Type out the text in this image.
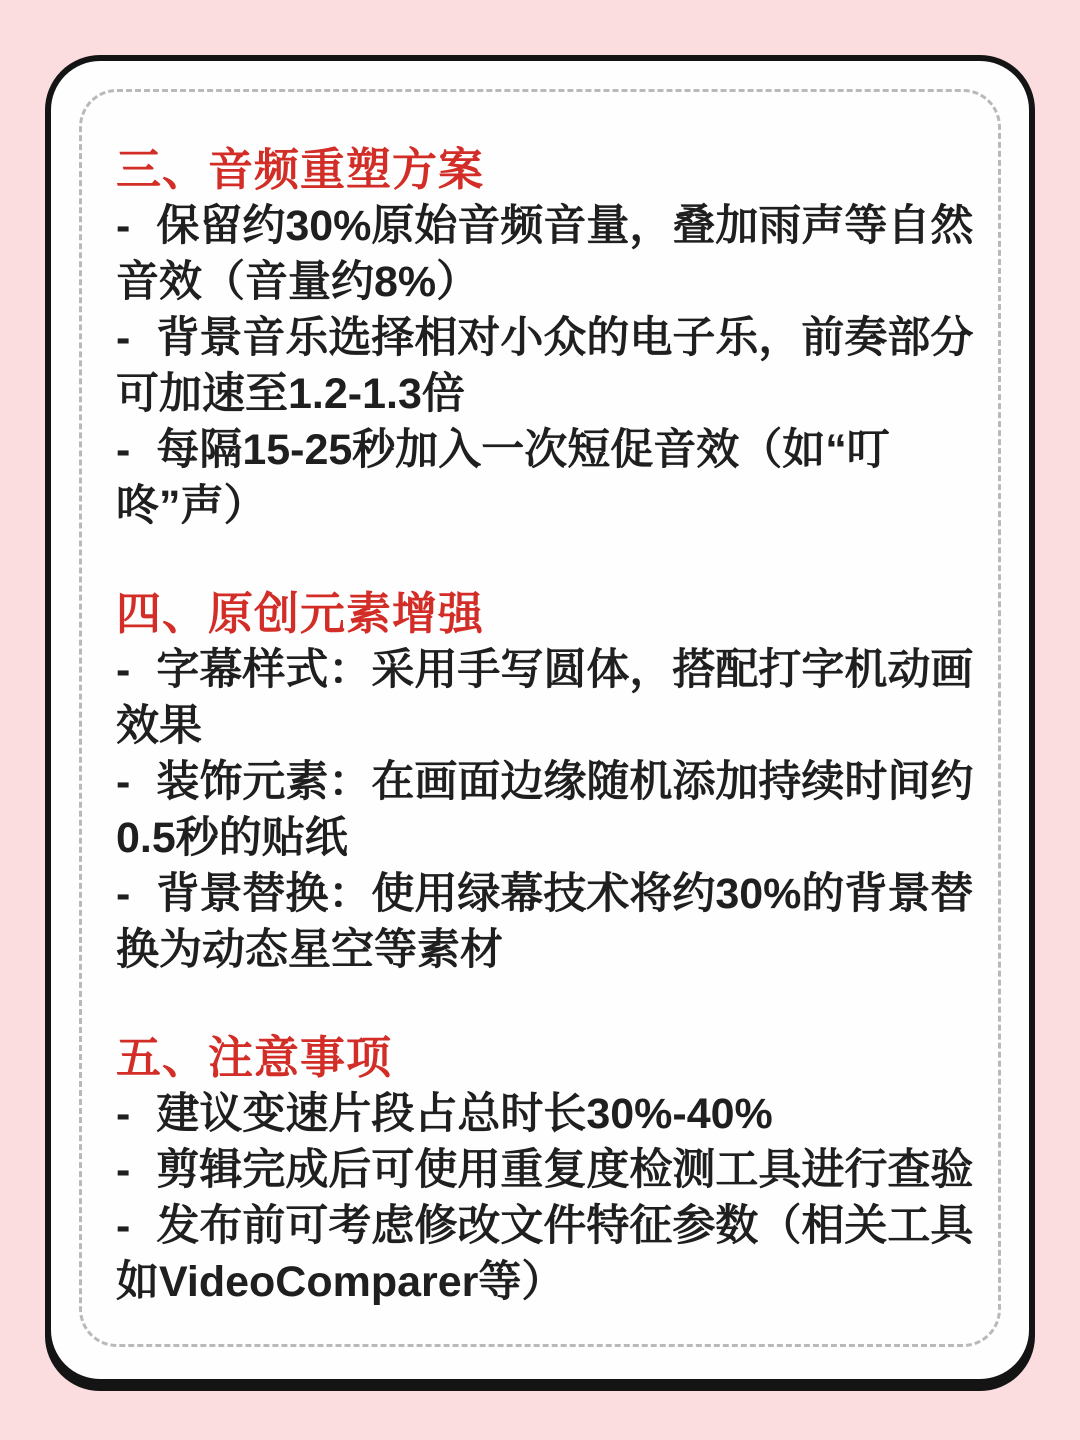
三、音频重塑方案

- 保留约30%原始音频音量，叠加雨声等自然音效（音量约8%）

- 背景音乐选择相对小众的电子乐，前奏部分可加速至1.2-1.3倍

- 每隔15-25秒加入一次短促音效（如“叮咚”声）

四、原创元素增强

- 字幕样式：采用手写圆体，搭配打字机动画效果

- 装饰元素：在画面边缘随机添加持续时间约0.5秒的贴纸

- 背景替换：使用绿幕技术将约30%的背景替换为动态星空等素材

五、注意事项

- 建议变速片段占总时长30%-40%

- 剪辑完成后可使用重复度检测工具进行查验

- 发布前可考虑修改文件特征参数（相关工具如VideoComparer等）
